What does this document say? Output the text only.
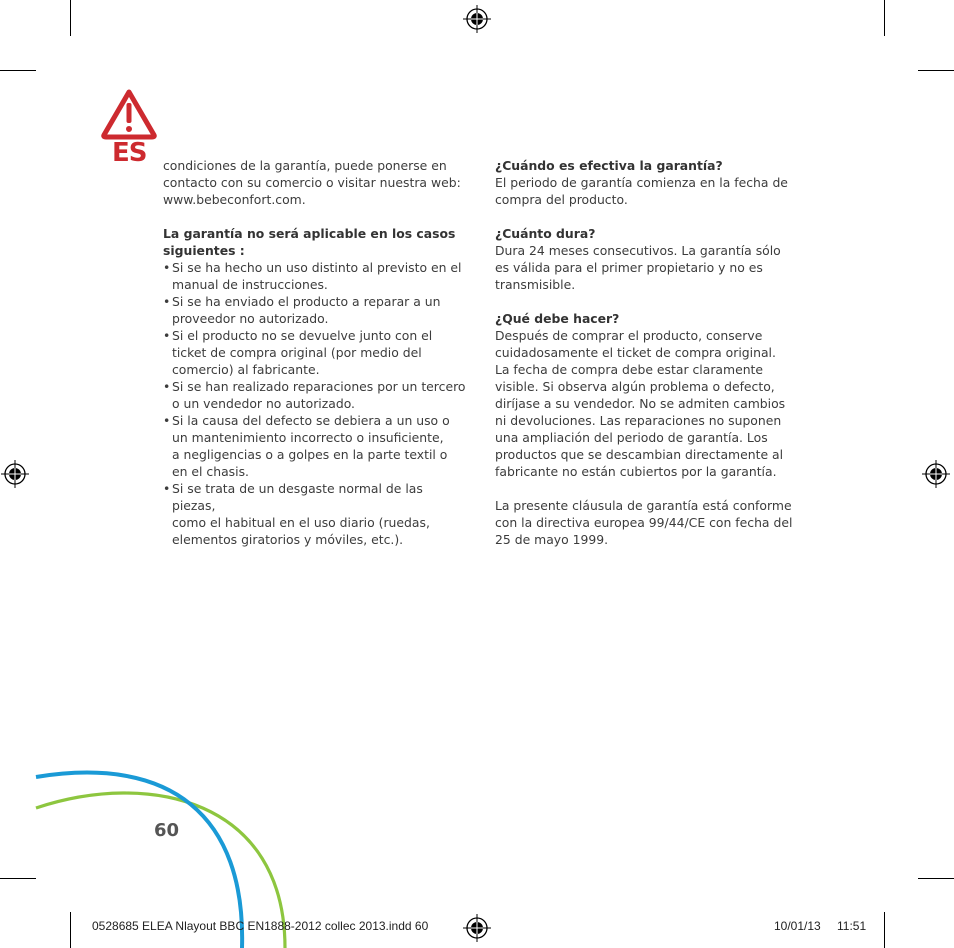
ES condiciones de la garantía, puede ponerse en

contacto con su comercio o visitar nuestra web:

www.bebeconfort.com.

La garantía no será aplicable en los casos

siguientes :

• Si se ha hecho un uso distinto al previsto en el

manual de instrucciones.

• Si se ha enviado el producto a reparar a un

proveedor no autorizado.

• Si el producto no se devuelve junto con el

ticket de compra original (por medio del

comercio) al fabricante.

• Si se han realizado reparaciones por un tercero

o un vendedor no autorizado.

• Si la causa del defecto se debiera a un uso o

un mantenimiento incorrecto o insuficiente,

a negligencias o a golpes en la parte textil o

en el chasis.

• Si se trata de un desgaste normal de las piezas,

como el habitual en el uso diario (ruedas,

elementos giratorios y móviles, etc.).

¿Cuándo es efectiva la garantía?

El periodo de garantía comienza en la fecha de

compra del producto.

¿Cuánto dura?

Dura 24 meses consecutivos. La garantía sólo

es válida para el primer propietario y no es

transmisible.

¿Qué debe hacer?

Después de comprar el producto, conserve

cuidadosamente el ticket de compra original.

La fecha de compra debe estar claramente

visible. Si observa algún problema o defecto,

diríjase a su vendedor. No se admiten cambios

ni devoluciones. Las reparaciones no suponen

una ampliación del periodo de garantía. Los

productos que se descambian directamente al

fabricante no están cubiertos por la garantía.

La presente cláusula de garantía está conforme

con la directiva europea 99/44/CE con fecha del

25 de mayo 1999.

60
0528685 ELEA Nlayout BBC EN1888-2012 collec 2013.indd 60	10/01/13 11:51
